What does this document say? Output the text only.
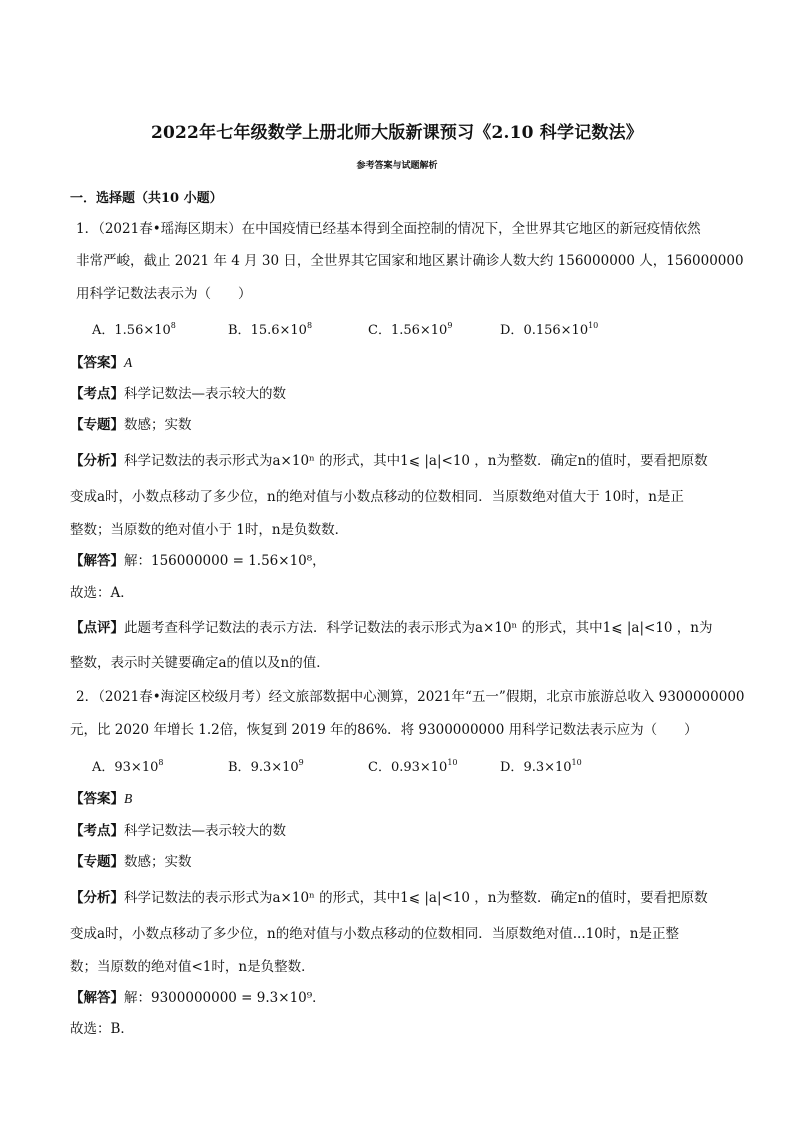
2022年七年级数学上册北师大版新课预习《2.10 科学记数法》
参考答案与试题解析
一．选择题（共10 小题）
1．（2021春•瑶海区期末）在中国疫情已经基本得到全面控制的情况下，全世界其它地区的新冠疫情依然
非常严峻，截止 2021 年 4 月 30 日，全世界其它国家和地区累计确诊人数大约 156000000 人，156000000
用科学记数法表示为（　　）
A．$1.56\times 10^8$	B．$15.6\times 10^8$	C．$1.56\times 10^9$	D．$0.156\times 10^{10}$
【答案】A
【考点】科学记数法—表示较大的数
【专题】数感；实数
【分析】科学记数法的表示形式为a×10ⁿ 的形式，其中1⩽ |a|<10 ，n为整数．确定n的值时，要看把原数
变成a时，小数点移动了多少位，n的绝对值与小数点移动的位数相同．当原数绝对值大于 10时，n是正
整数；当原数的绝对值小于 1时，n是负数数．
【解答】解：156000000 = 1.56×10⁸，
故选：A．
【点评】此题考查科学记数法的表示方法．科学记数法的表示形式为a×10ⁿ 的形式，其中1⩽ |a|<10 ，n为
整数，表示时关键要确定a的值以及n的值．
2．（2021春•海淀区校级月考）经文旅部数据中心测算，2021年“五一”假期，北京市旅游总收入 9300000000
元，比 2020 年增长 1.2倍，恢复到 2019 年的86%．将 9300000000 用科学记数法表示应为（　　）
A．$93\times 10^8$	B．$9.3\times 10^9$	C．$0.93\times 10^{10}$	D．$9.3\times 10^{10}$
【答案】B
【考点】科学记数法—表示较大的数
【专题】数感；实数
【分析】科学记数法的表示形式为a×10ⁿ 的形式，其中1⩽ |a|<10 ，n为整数．确定n的值时，要看把原数
变成a时，小数点移动了多少位，n的绝对值与小数点移动的位数相同．当原数绝对值...10时，n是正整
数；当原数的绝对值<1时，n是负整数．
【解答】解：9300000000 = 9.3×10⁹．
故选：B．
